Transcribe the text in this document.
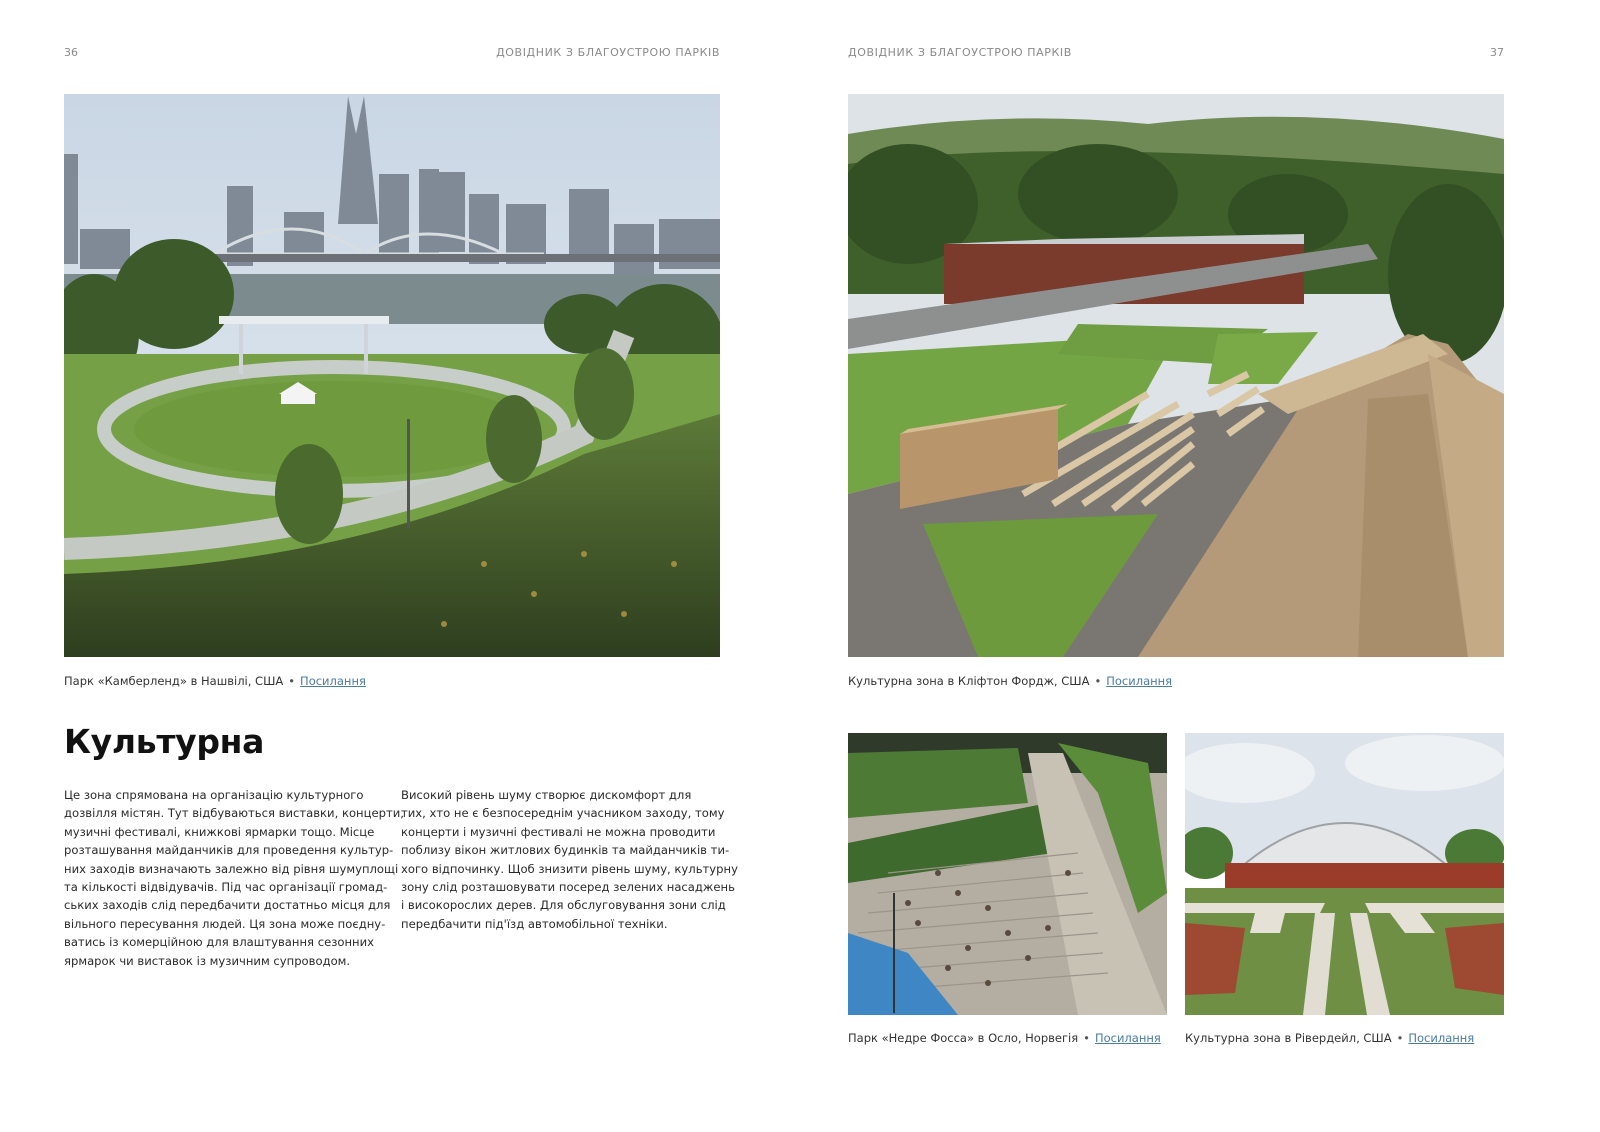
36	ДОВІДНИК З БЛАГОУСТРОЮ ПАРКІВ
Парк «Камберленд» в Нашвілі, США • Посилання
Культурна
Це зона спрямована на організацію культурного
дозвілля містян. Тут відбуваються виставки, концерти,
музичні фестивалі, книжкові ярмарки тощо. Місце
розташування майданчиків для проведення культур-
них заходів визначають залежно від рівня шумуплощі
та кількості відвідувачів. Під час організації громад-
ських заходів слід передбачити достатньо місця для
вільного пересування людей. Ця зона може поєдну-
ватись із комерційною для влаштування сезонних
ярмарок чи виставок із музичним супроводом.
Високий рівень шуму створює дискомфорт для
тих, хто не є безпосереднім учасником заходу, тому
концерти і музичні фестивалі не можна проводити
поблизу вікон житлових будинків та майданчиків ти-
хого відпочинку. Щоб знизити рівень шуму, культурну
зону слід розташовувати посеред зелених насаджень
і високорослих дерев. Для обслуговування зони слід
передбачити під'їзд автомобільної техніки.
ДОВІДНИК З БЛАГОУСТРОЮ ПАРКІВ	37
Культурна зона в Кліфтон Фордж, США • Посилання
Парк «Недре Фосса» в Осло, Норвегія • Посилання Культурна зона в Рівердейл, США • Посилання
